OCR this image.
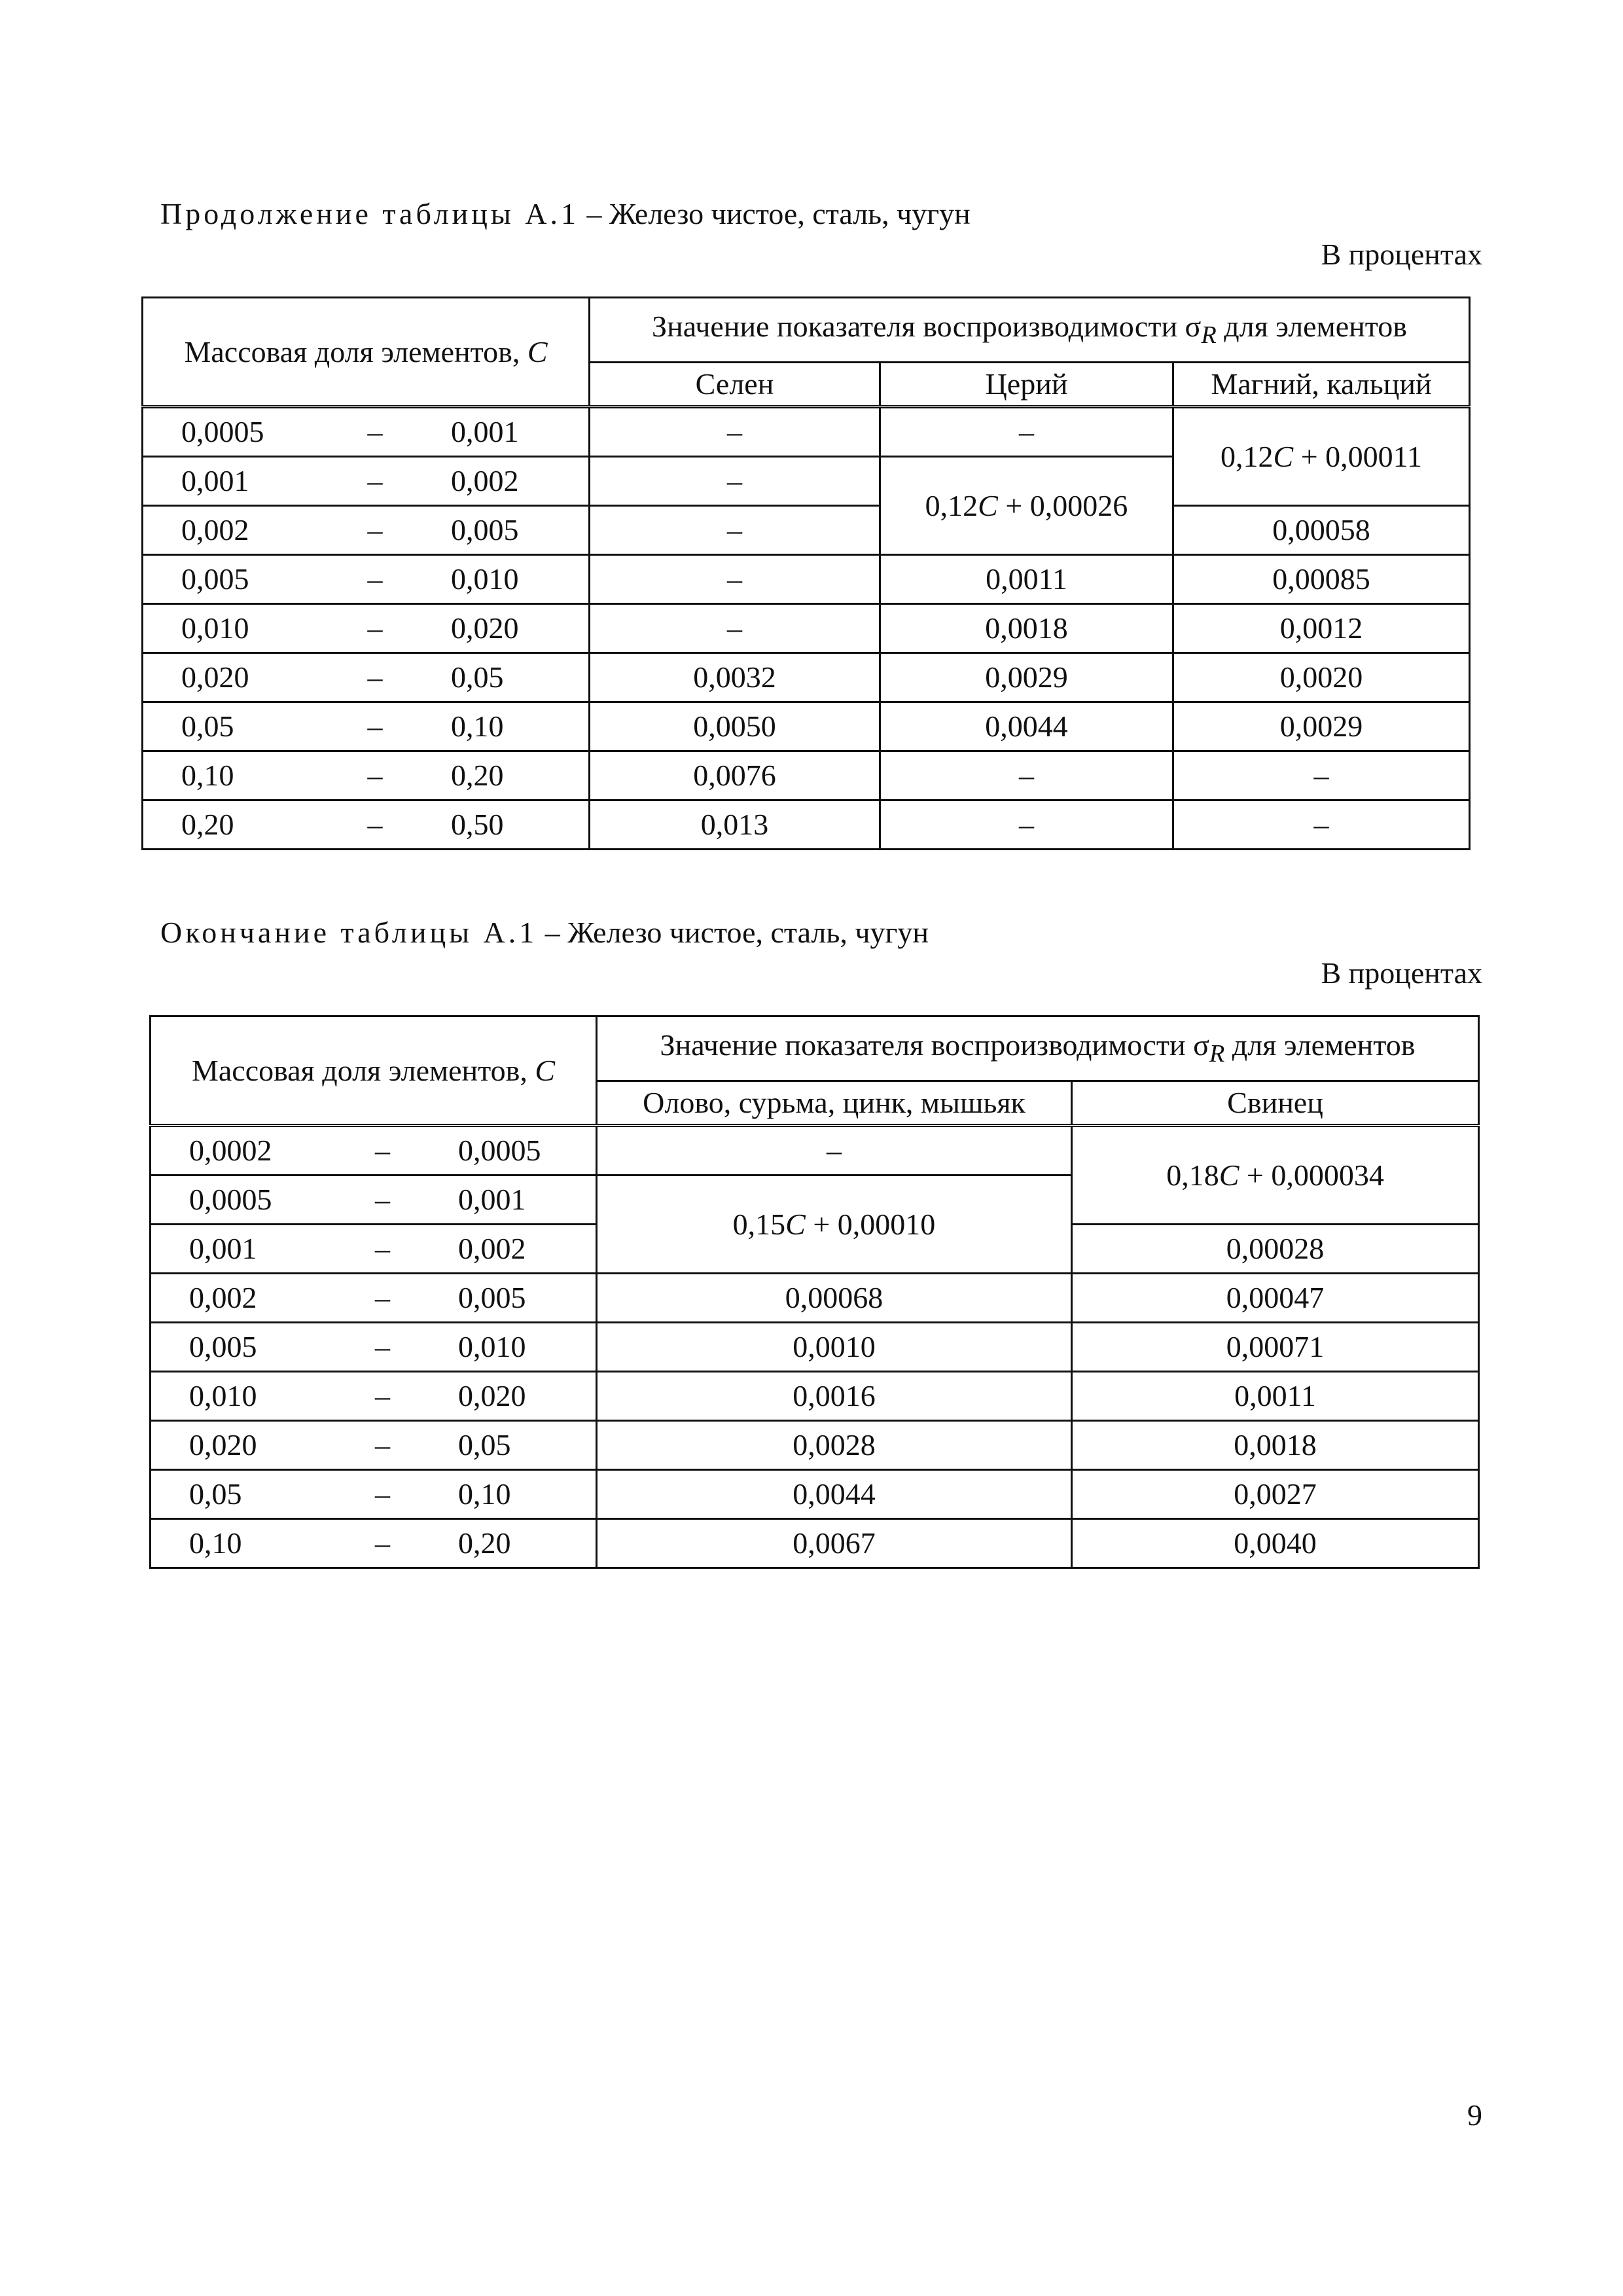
Продолжение таблицы А.1 – Железо чистое, сталь, чугун
В процентах
Массовая доля элементов, C	Значение показателя воспроизводимости $\sigma_R$ для элементов		
	Селен	Церий	Магний, кальций

0,0005 – 0,001	–	–	0,12C + 0,00011

0,001 – 0,002	–	0,12C + 0,00026	

0,002 – 0,005	–		0,00058

0,005 – 0,010	–	0,0011	0,00085

0,010 – 0,020	–	0,0018	0,0012

0,020 – 0,05	0,0032	0,0029	0,0020

0,05 – 0,10	0,0050	0,0044	0,0029

0,10 – 0,20	0,0076	–	–

0,20 – 0,50	0,013	–	–
Окончание таблицы А.1 – Железо чистое, сталь, чугун
В процентах
Массовая доля элементов, C	Значение показателя воспроизводимости $\sigma_R$ для элементов	
	Олово, сурьма, цинк, мышьяк	Свинец

0,0002 – 0,0005	–	0,18C + 0,000034

0,0005 – 0,001	0,15C + 0,00010	

0,001 – 0,002		0,00028

0,002 – 0,005	0,00068	0,00047

0,005 – 0,010	0,0010	0,00071

0,010 – 0,020	0,0016	0,0011

0,020 – 0,05	0,0028	0,0018

0,05 – 0,10	0,0044	0,0027

0,10 – 0,20	0,0067	0,0040
9
